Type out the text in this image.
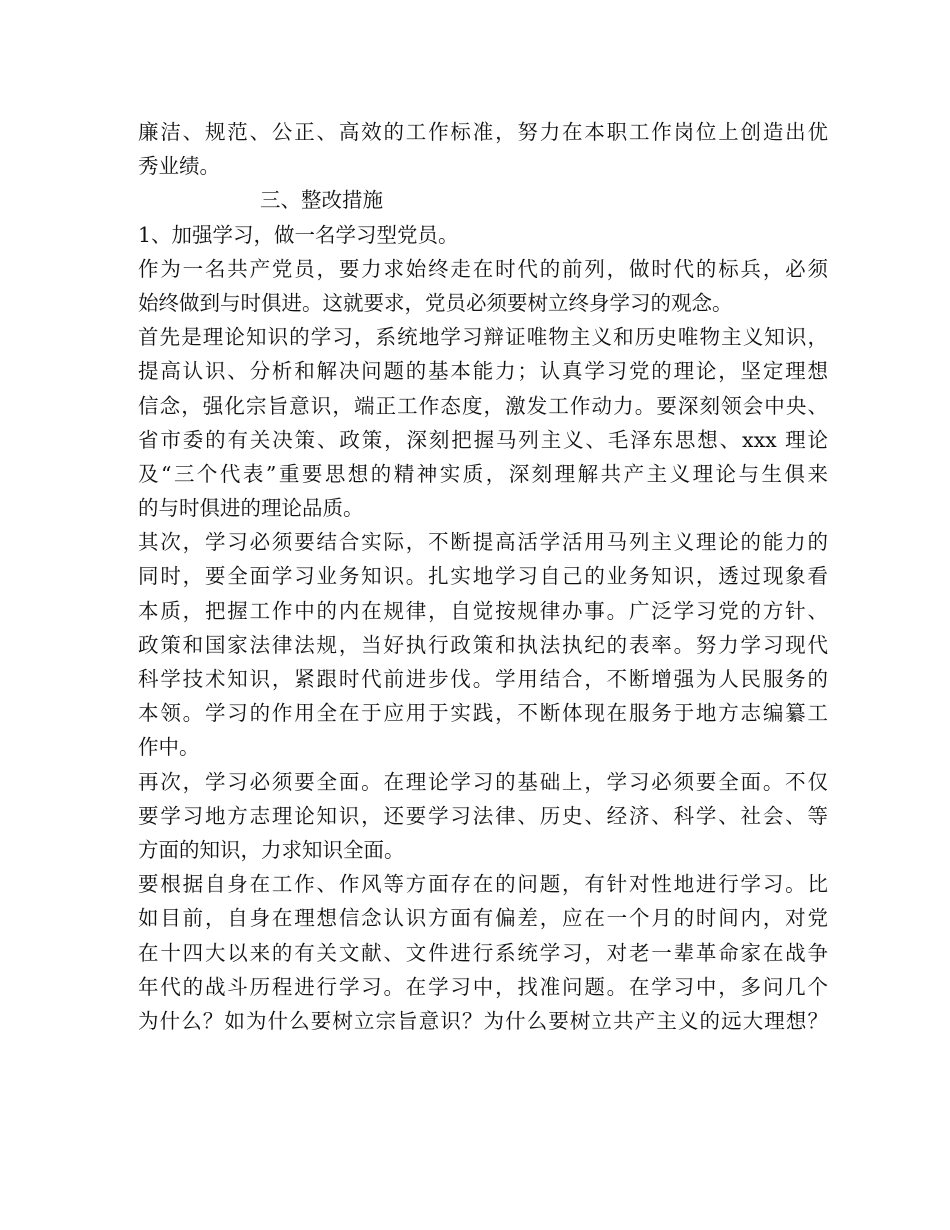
廉洁、规范、公正、高效的工作标准，努力在本职工作岗位上创造出优
秀业绩。
三、整改措施
1、加强学习，做一名学习型党员。
作为一名共产党员，要力求始终走在时代的前列，做时代的标兵，必须
始终做到与时俱进。这就要求，党员必须要树立终身学习的观念。
首先是理论知识的学习，系统地学习辩证唯物主义和历史唯物主义知识，
提高认识、分析和解决问题的基本能力；认真学习党的理论，坚定理想
信念，强化宗旨意识，端正工作态度，激发工作动力。要深刻领会中央、
省市委的有关决策、政策，深刻把握马列主义、毛泽东思想、xxx 理论
及“三个代表”重要思想的精神实质，深刻理解共产主义理论与生俱来
的与时俱进的理论品质。
其次，学习必须要结合实际，不断提高活学活用马列主义理论的能力的
同时，要全面学习业务知识。扎实地学习自己的业务知识，透过现象看
本质，把握工作中的内在规律，自觉按规律办事。广泛学习党的方针、
政策和国家法律法规，当好执行政策和执法执纪的表率。努力学习现代
科学技术知识，紧跟时代前进步伐。学用结合，不断增强为人民服务的
本领。学习的作用全在于应用于实践，不断体现在服务于地方志编纂工
作中。
再次，学习必须要全面。在理论学习的基础上，学习必须要全面。不仅
要学习地方志理论知识，还要学习法律、历史、经济、科学、社会、等
方面的知识，力求知识全面。
要根据自身在工作、作风等方面存在的问题，有针对性地进行学习。比
如目前，自身在理想信念认识方面有偏差，应在一个月的时间内，对党
在十四大以来的有关文献、文件进行系统学习，对老一辈革命家在战争
年代的战斗历程进行学习。在学习中，找准问题。在学习中，多问几个
为什么？如为什么要树立宗旨意识？为什么要树立共产主义的远大理想？
